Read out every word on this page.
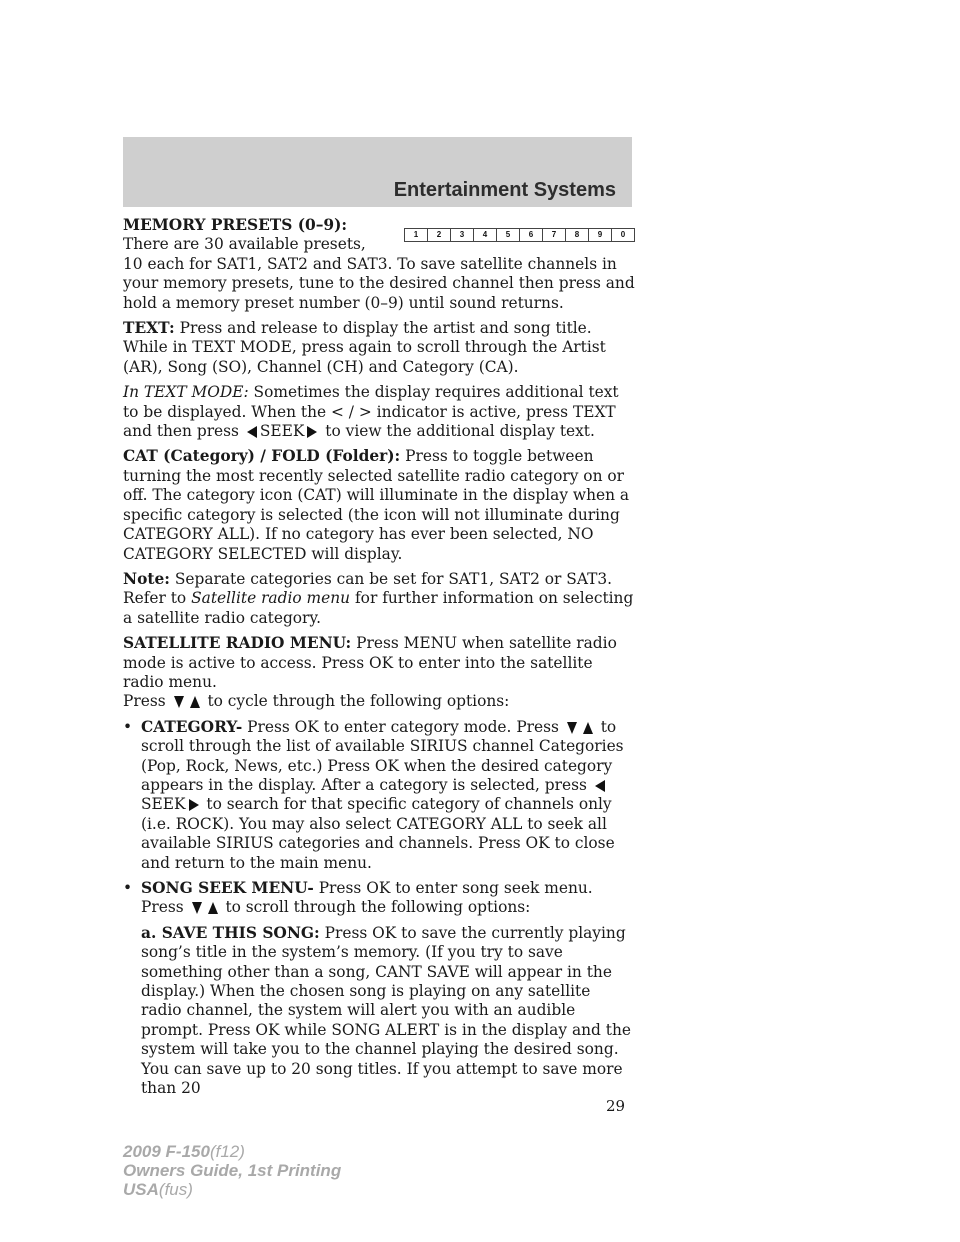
Entertainment Systems
1	2	3	4	5	6	7	8	9	0

MEMORY PRESETS (0–9): There are 30 available presets, 10 each for SAT1, SAT2 and SAT3. To save satellite channels in your memory presets, tune to the desired channel then press and hold a memory preset number (0–9) until sound returns.

TEXT: Press and release to display the artist and song title. While in TEXT MODE, press again to scroll through the Artist (AR), Song (SO), Channel (CH) and Category (CA).

In TEXT MODE: Sometimes the display requires additional text to be displayed. When the < / > indicator is active, press TEXT and then press SEEK to view the additional display text.

CAT (Category) / FOLD (Folder): Press to toggle between turning the most recently selected satellite radio category on or off. The category icon (CAT) will illuminate in the display when a specific category is selected (the icon will not illuminate during CATEGORY ALL). If no category has ever been selected, NO CATEGORY SELECTED will display.

Note: Separate categories can be set for SAT1, SAT2 or SAT3.
Refer to Satellite radio menu for further information on selecting a satellite radio category.

SATELLITE RADIO MENU: Press MENU when satellite radio mode is active to access. Press OK to enter into the satellite radio menu.
Press	to cycle through the following options:

• CATEGORY- Press OK to enter category mode. Press	to scroll through the list of available SIRIUS channel Categories (Pop, Rock, News, etc.) Press OK when the desired category appears in the display. After a category is selected, press SEEK to search for that specific category of channels only (i.e. ROCK). You may also select CATEGORY ALL to seek all available SIRIUS categories and channels. Press OK to close and return to the main menu.
• SONG SEEK MENU- Press OK to enter song seek menu.
Press	to scroll through the following options:
a. SAVE THIS SONG: Press OK to save the currently playing song’s title in the system’s memory. (If you try to save something other than a song, CANT SAVE will appear in the display.) When the chosen song is playing on any satellite radio channel, the system will alert you with an audible prompt. Press OK while SONG ALERT is in the display and the system will take you to the channel playing the desired song. You can save up to 20 song titles. If you attempt to save more than 20
29
2009 F-150(f12)
Owners Guide, 1st Printing
USA(fus)
